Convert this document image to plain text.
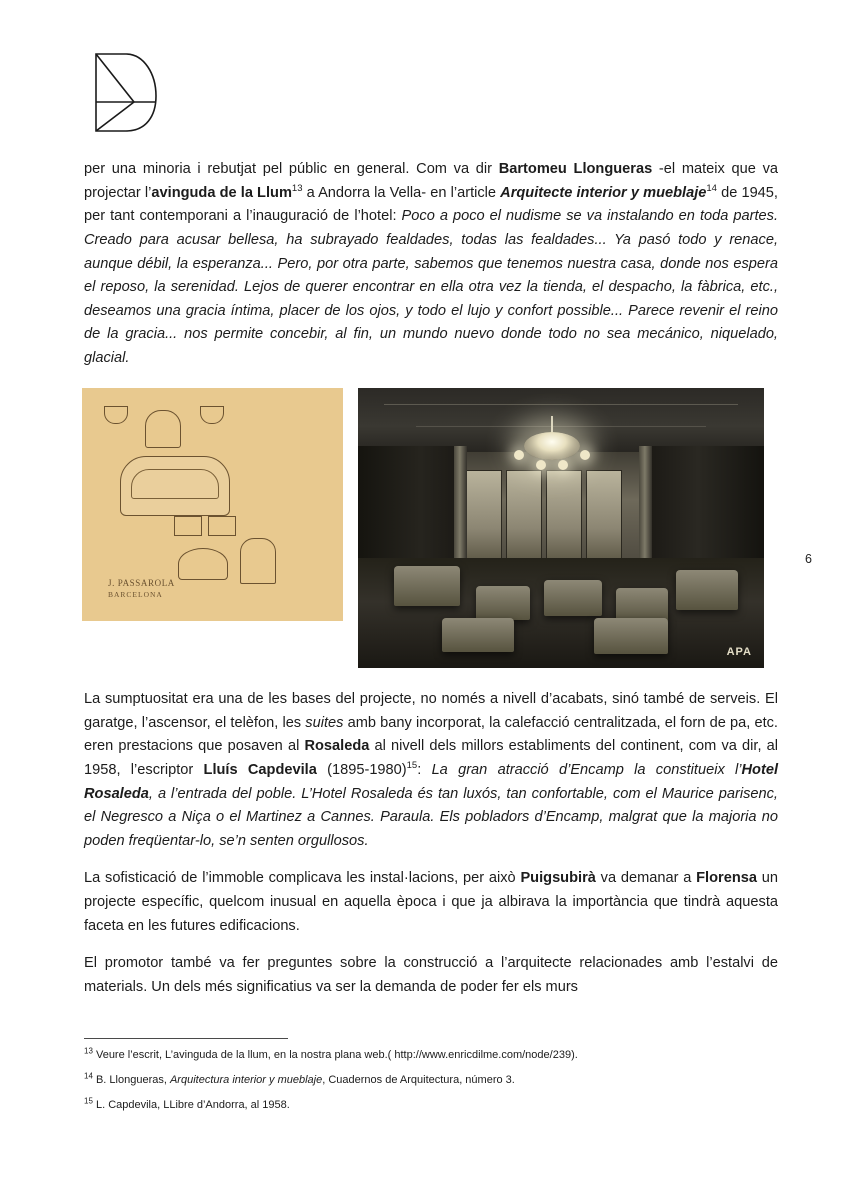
6

per una minoria i rebutjat pel públic en general. Com va dir Bartomeu Llongueras -el mateix que va projectar l’avinguda de la Llum$^{13}$ a Andorra la Vella- en l’article Arquitecte interior y mueblaje$^{14}$ de 1945, per tant contemporani a l’inauguració de l’hotel: Poco a poco el nudisme se va instalando en toda partes. Creado para acusar bellesa, ha subrayado fealdades, todas las fealdades... Ya pasó todo y renace, aunque débil, la esperanza... Pero, por otra parte, sabemos que tenemos nuestra casa, donde nos espera el reposo, la serenidad. Lejos de querer encontrar en ella otra vez la tienda, el despacho, la fàbrica, etc., deseamos una gracia íntima, placer de los ojos, y todo el lujo y confort possible... Parece revenir el reino de la gracia... nos permite concebir, al fin, un mundo nuevo donde todo no sea mecánico, niquelado, glacial.

J. PASSAROLA
BARCELONA
APA

La sumptuositat era una de les bases del projecte, no només a nivell d’acabats, sinó també de serveis. El garatge, l’ascensor, el telèfon, les suites amb bany incorporat, la calefacció centralitzada, el forn de pa, etc. eren prestacions que posaven al Rosaleda al nivell dels millors establiments del continent, com va dir, al 1958, l’escriptor Lluís Capdevila (1895-1980)$^{15}$: La gran atracció d’Encamp la constitueix l’Hotel Rosaleda, a l’entrada del poble. L’Hotel Rosaleda és tan luxós, tan confortable, com el Maurice parisenc, el Negresco a Niça o el Martinez a Cannes. Paraula. Els pobladors d’Encamp, malgrat que la majoria no poden freqüentar-lo, se’n senten orgullosos.

La sofisticació de l’immoble complicava les instal·lacions, per això Puigsubirà va demanar a Florensa un projecte específic, quelcom inusual en aquella època i que ja albirava la importància que tindrà aquesta faceta en les futures edificacions.

El promotor també va fer preguntes sobre la construcció a l’arquitecte relacionades amb l’estalvi de materials. Un dels més significatius va ser la demanda de poder fer els murs

$^{13}$ Veure l’escrit, L’avinguda de la llum, en la nostra plana web.( http://www.enricdilme.com/node/239).
$^{14}$ B. Llongueras, Arquitectura interior y mueblaje, Cuadernos de Arquitectura, número 3.
$^{15}$ L. Capdevila, LLibre d’Andorra, al 1958.
